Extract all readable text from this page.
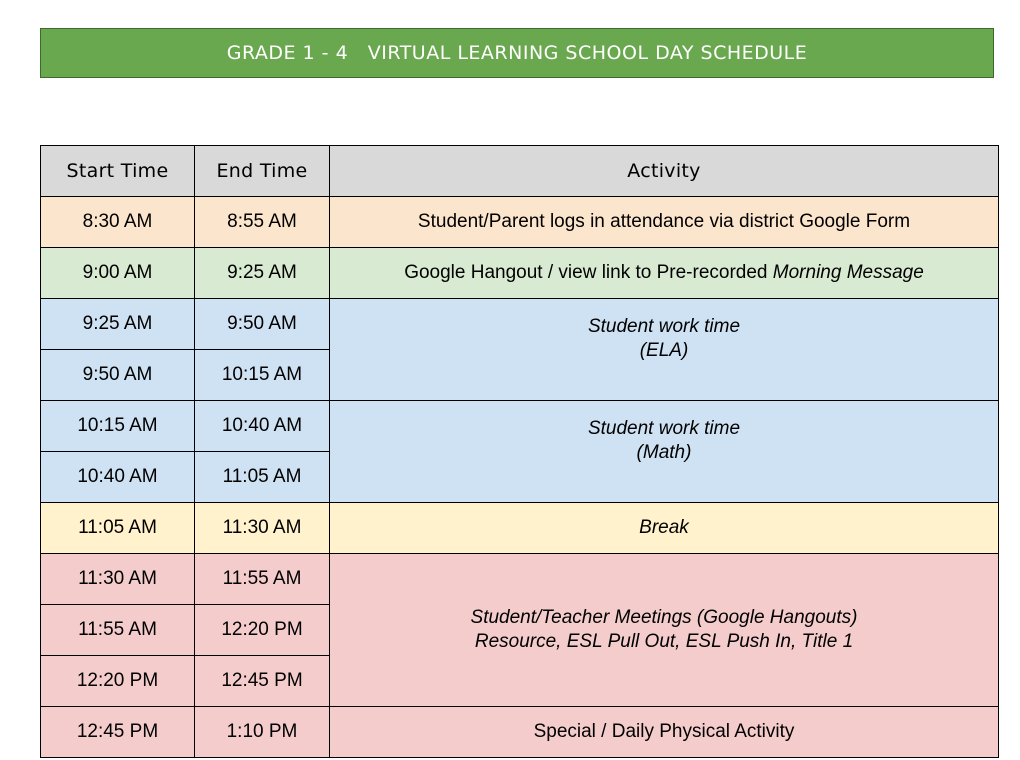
GRADE 1 - 4   VIRTUAL LEARNING SCHOOL DAY SCHEDULE
Start Time	End Time	Activity
8:30 AM	8:55 AM	Student/Parent logs in attendance via district Google Form
9:00 AM	9:25 AM	Google Hangout / view link to Pre-recorded Morning Message
9:25 AM	9:50 AM	Student work time
(ELA)

9:50 AM	10:15 AM	
10:15 AM	10:40 AM	Student work time
(Math)

10:40 AM	11:05 AM	
11:05 AM	11:30 AM	Break
11:30 AM	11:55 AM	Student/Teacher Meetings (Google Hangouts)
Resource, ESL Pull Out, ESL Push In, Title 1

11:55 AM	12:20 PM	
12:20 PM	12:45 PM	
12:45 PM	1:10 PM	Special / Daily Physical Activity
